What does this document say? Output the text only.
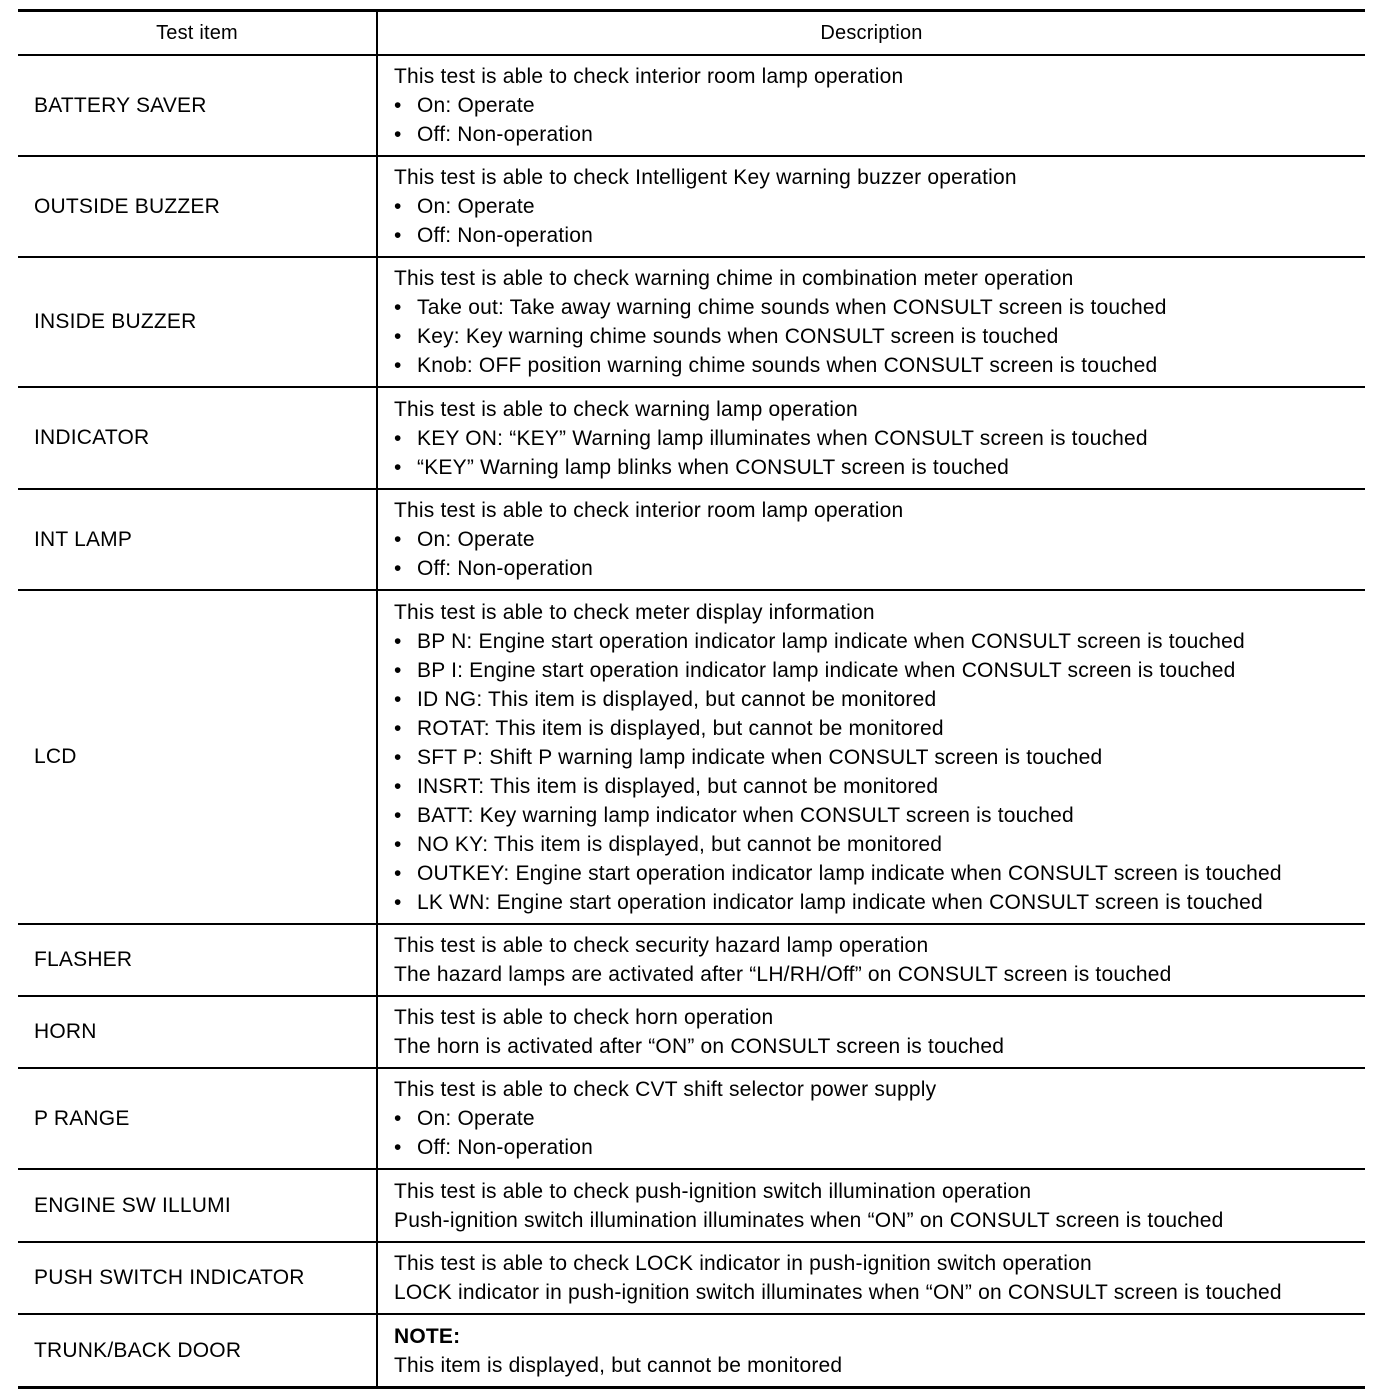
Test item	Description
BATTERY SAVER
This test is able to check interior room lamp operation
• On: Operate
• Off: Non-operation
OUTSIDE BUZZER
This test is able to check Intelligent Key warning buzzer operation
• On: Operate
• Off: Non-operation
INSIDE BUZZER
This test is able to check warning chime in combination meter operation
• Take out: Take away warning chime sounds when CONSULT screen is touched
• Key: Key warning chime sounds when CONSULT screen is touched
• Knob: OFF position warning chime sounds when CONSULT screen is touched
INDICATOR
This test is able to check warning lamp operation
• KEY ON: “KEY” Warning lamp illuminates when CONSULT screen is touched
• “KEY” Warning lamp blinks when CONSULT screen is touched
INT LAMP
This test is able to check interior room lamp operation
• On: Operate
• Off: Non-operation
LCD
This test is able to check meter display information
• BP N: Engine start operation indicator lamp indicate when CONSULT screen is touched
• BP I: Engine start operation indicator lamp indicate when CONSULT screen is touched
• ID NG: This item is displayed, but cannot be monitored
• ROTAT: This item is displayed, but cannot be monitored
• SFT P: Shift P warning lamp indicate when CONSULT screen is touched
• INSRT: This item is displayed, but cannot be monitored
• BATT: Key warning lamp indicator when CONSULT screen is touched
• NO KY: This item is displayed, but cannot be monitored
• OUTKEY: Engine start operation indicator lamp indicate when CONSULT screen is touched
• LK WN: Engine start operation indicator lamp indicate when CONSULT screen is touched
FLASHER
This test is able to check security hazard lamp operation
The hazard lamps are activated after “LH/RH/Off” on CONSULT screen is touched
HORN
This test is able to check horn operation
The horn is activated after “ON” on CONSULT screen is touched
P RANGE
This test is able to check CVT shift selector power supply
• On: Operate
• Off: Non-operation
ENGINE SW ILLUMI
This test is able to check push-ignition switch illumination operation
Push-ignition switch illumination illuminates when “ON” on CONSULT screen is touched
PUSH SWITCH INDICATOR
This test is able to check LOCK indicator in push-ignition switch operation
LOCK indicator in push-ignition switch illuminates when “ON” on CONSULT screen is touched
TRUNK/BACK DOOR
NOTE:
This item is displayed, but cannot be monitored
